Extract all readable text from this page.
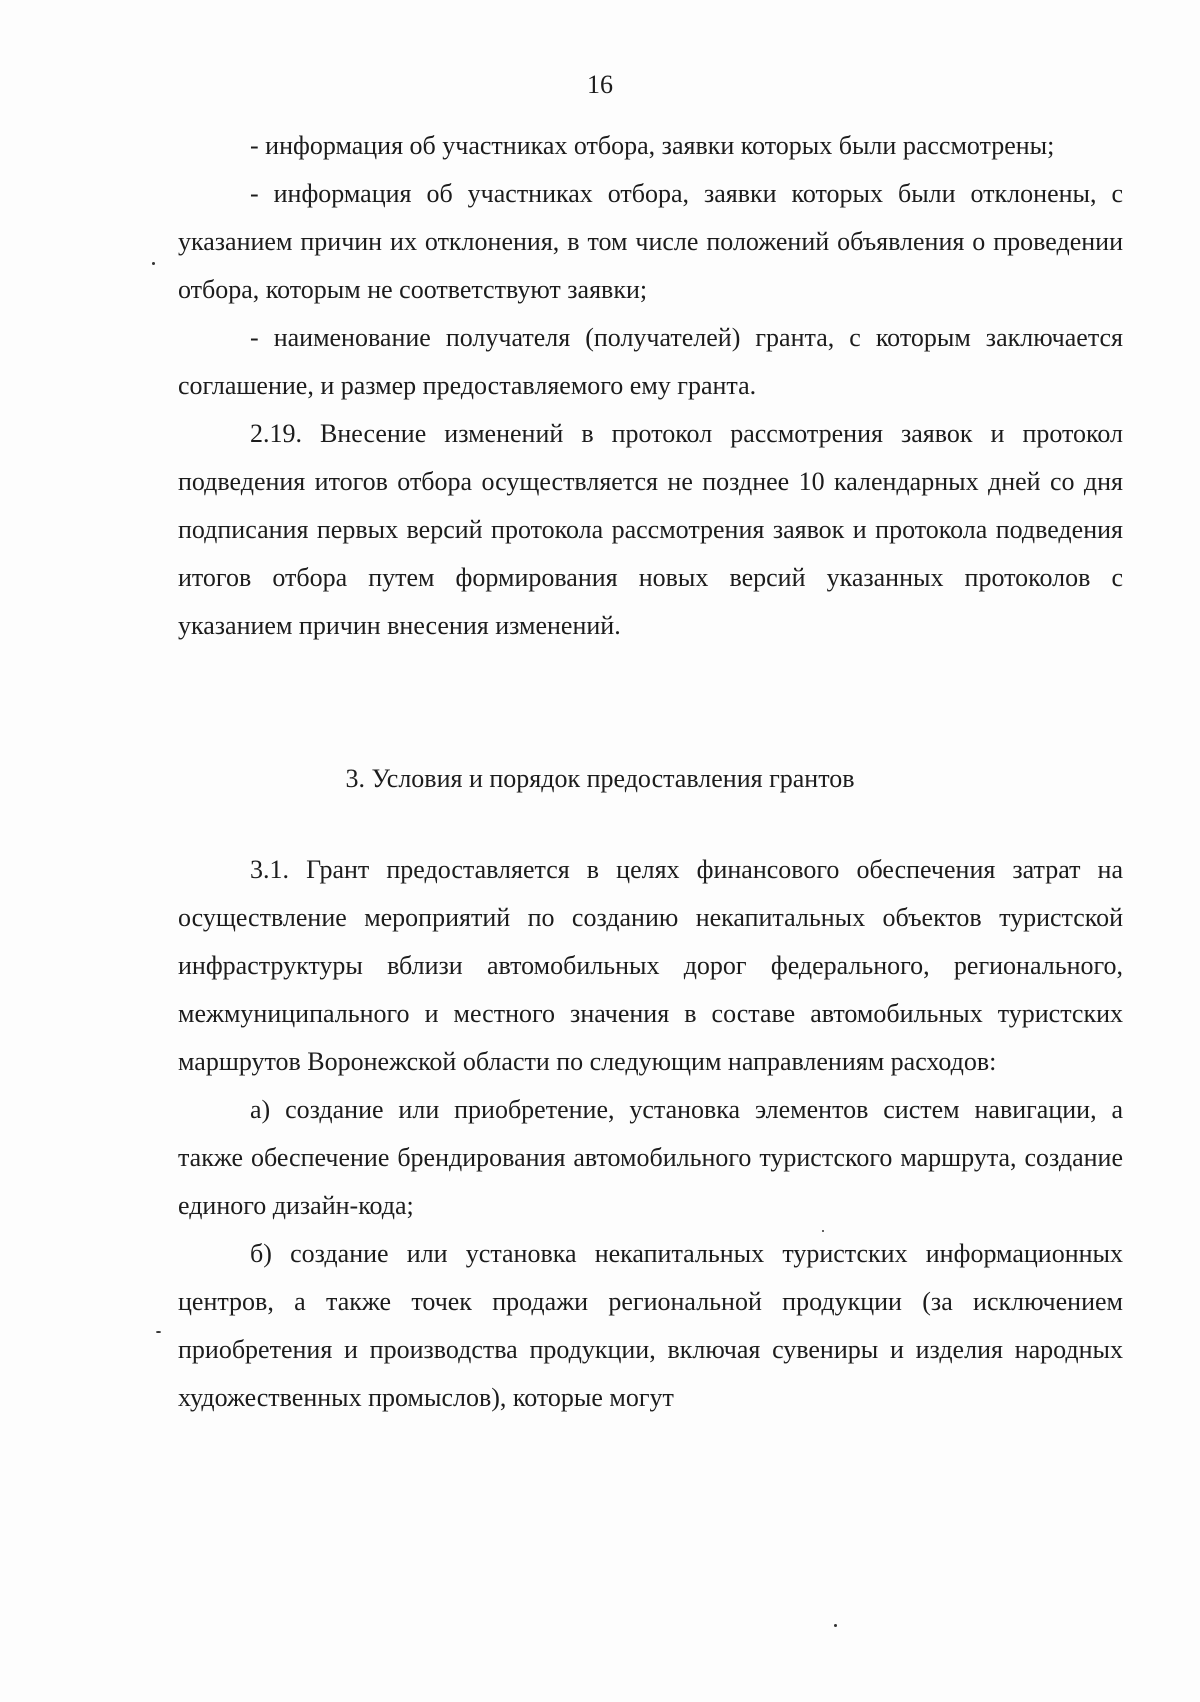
16

- информация об участниках отбора, заявки которых были рассмотрены;

- информация об участниках отбора, заявки которых были отклонены, с указанием причин их отклонения, в том числе положений объявления о проведении отбора, которым не соответствуют заявки;

- наименование получателя (получателей) гранта, с которым заключается соглашение, и размер предоставляемого ему гранта.

2.19. Внесение изменений в протокол рассмотрения заявок и протокол подведения итогов отбора осуществляется не позднее 10 календарных дней со дня подписания первых версий протокола рассмотрения заявок и протокола подведения итогов отбора путем формирования новых версий указанных протоколов с указанием причин внесения изменений.

3. Условия и порядок предоставления грантов

3.1. Грант предоставляется в целях финансового обеспечения затрат на осуществление мероприятий по созданию некапитальных объектов туристской инфраструктуры вблизи автомобильных дорог федерального, регионального, межмуниципального и местного значения в составе автомобильных туристских маршрутов Воронежской области по следующим направлениям расходов:

а) создание или приобретение, установка элементов систем навигации, а также обеспечение брендирования автомобильного туристского маршрута, создание единого дизайн-кода;

б) создание или установка некапитальных туристских информационных центров, а также точек продажи региональной продукции (за исключением приобретения и производства продукции, включая сувениры и изделия народных художественных промыслов), которые могут
